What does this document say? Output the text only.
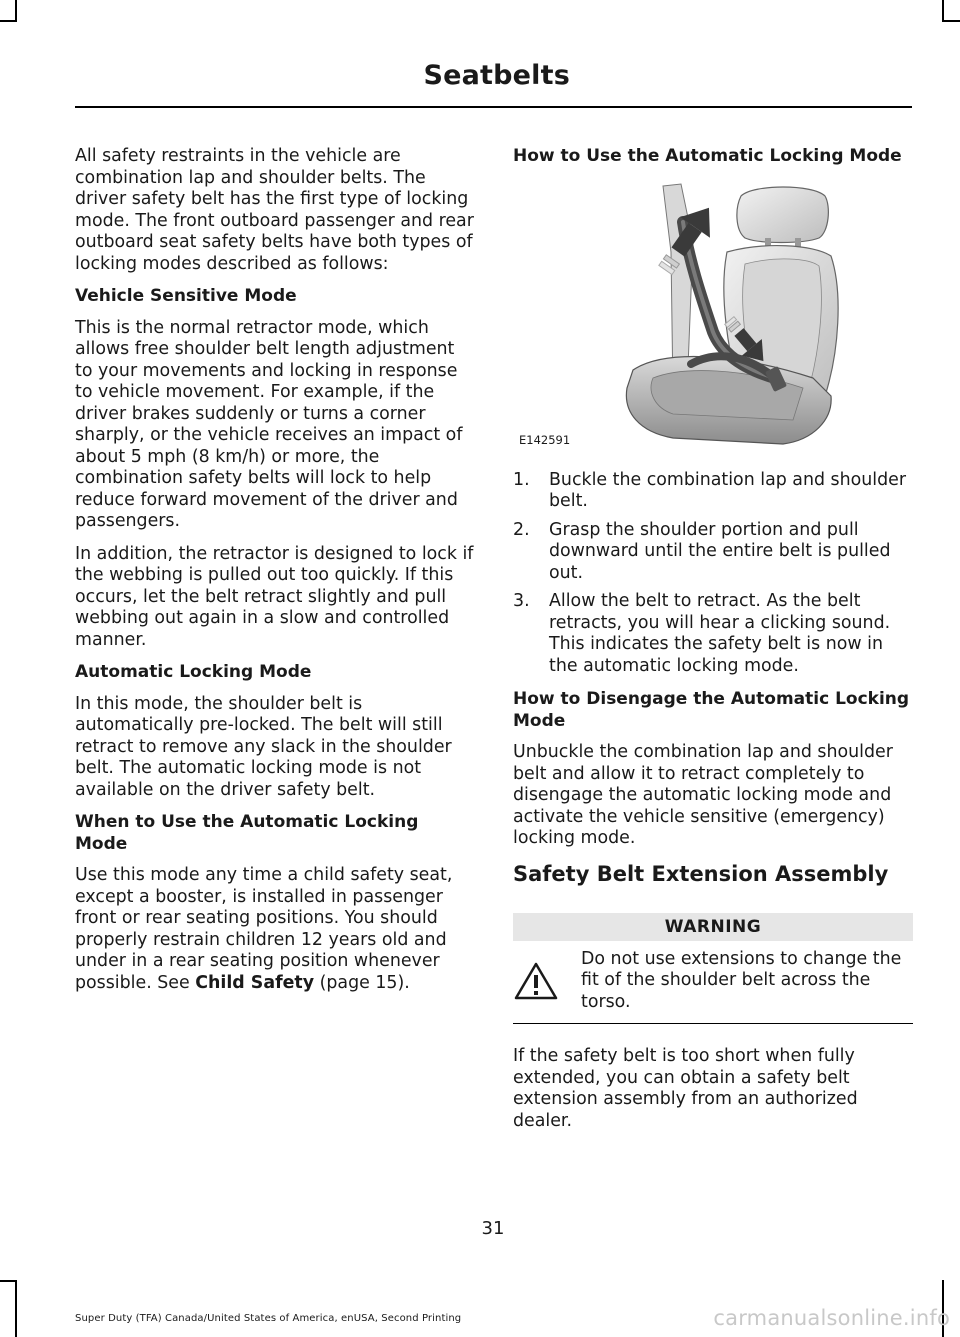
Seatbelts

All safety restraints in the vehicle are combination lap and shoulder belts. The driver safety belt has the first type of locking mode. The front outboard passenger and rear outboard seat safety belts have both types of locking modes described as follows:

Vehicle Sensitive Mode

This is the normal retractor mode, which allows free shoulder belt length adjustment to your movements and locking in response to vehicle movement. For example, if the driver brakes suddenly or turns a corner sharply, or the vehicle receives an impact of about 5 mph (8 km/h) or more, the combination safety belts will lock to help reduce forward movement of the driver and passengers.

In addition, the retractor is designed to lock if the webbing is pulled out too quickly. If this occurs, let the belt retract slightly and pull webbing out again in a slow and controlled manner.

Automatic Locking Mode

In this mode, the shoulder belt is automatically pre-locked. The belt will still retract to remove any slack in the shoulder belt. The automatic locking mode is not available on the driver safety belt.

When to Use the Automatic Locking Mode

Use this mode any time a child safety seat, except a booster, is installed in passenger front or rear seating positions. You should properly restrain children 12 years old and under in a rear seating position whenever possible. See Child Safety (page 15).

How to Use the Automatic Locking Mode
E142591
1. Buckle the combination lap and shoulder belt.
2. Grasp the shoulder portion and pull downward until the entire belt is pulled out.
3. Allow the belt to retract. As the belt retracts, you will hear a clicking sound. This indicates the safety belt is now in the automatic locking mode.
How to Disengage the Automatic Locking Mode

Unbuckle the combination lap and shoulder belt and allow it to retract completely to disengage the automatic locking mode and activate the vehicle sensitive (emergency) locking mode.

Safety Belt Extension Assembly
WARNING
Do not use extensions to change the fit of the shoulder belt across the torso.

If the safety belt is too short when fully extended, you can obtain a safety belt extension assembly from an authorized dealer.

31
Super Duty (TFA) Canada/United States of America, enUSA, Second Printing	carmanualsonline.info
